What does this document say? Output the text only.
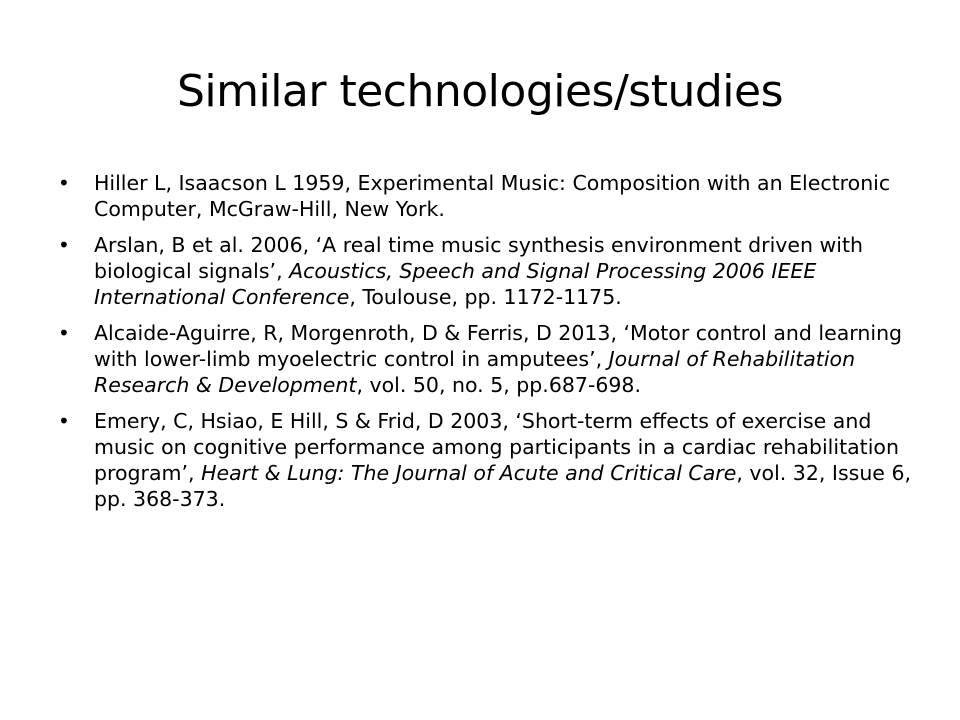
Similar technologies/studies
•	Hiller L, Isaacson L 1959, Experimental Music: Composition with an Electronic Computer, McGraw-Hill, New York.
•	Arslan, B et al. 2006, ‘A real time music synthesis environment driven with biological signals’, Acoustics, Speech and Signal Processing 2006 IEEE International Conference, Toulouse, pp. 1172-1175.
•	Alcaide-Aguirre, R, Morgenroth, D & Ferris, D 2013, ‘Motor control and learning with lower-limb myoelectric control in amputees’, Journal of Rehabilitation Research & Development, vol. 50, no. 5, pp.687-698.
•	Emery, C, Hsiao, E Hill, S & Frid, D 2003, ‘Short-term effects of exercise and music on cognitive performance among participants in a cardiac rehabilitation program’, Heart & Lung: The Journal of Acute and Critical Care, vol. 32, Issue 6, pp. 368-373.
